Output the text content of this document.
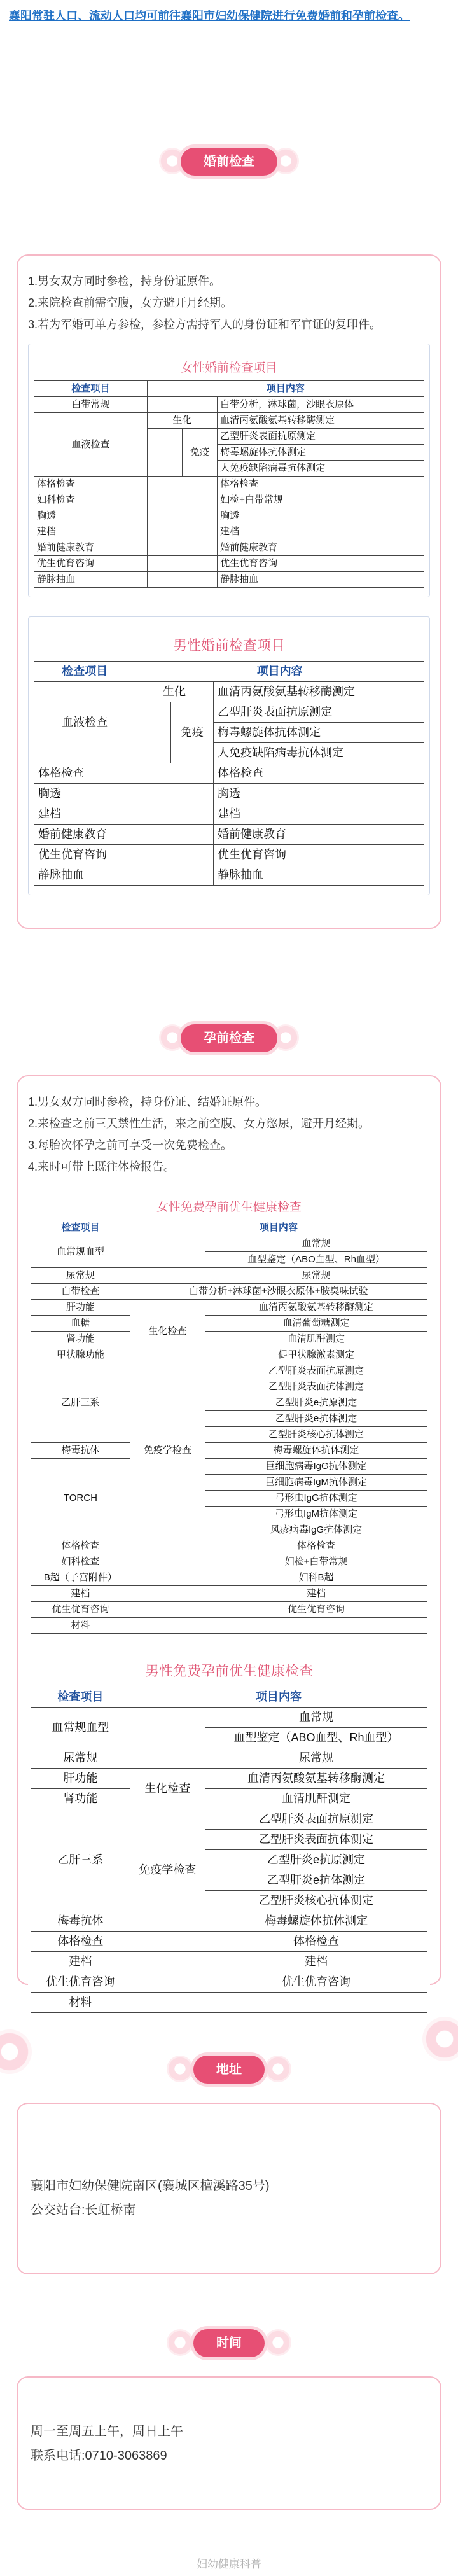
襄阳常驻人口、流动人口均可前往襄阳市妇幼保健院进行免费婚前和孕前检查。
婚前检查

1.男女双方同时参检，持身份证原件。

2.来院检查前需空腹，女方避开月经期。

3.若为军婚可单方参检，参检方需持军人的身份证和军官证的复印件。

女性婚前检查项目
检查项目	项目内容		
白带常规			白带分析，淋球菌，沙眼衣原体
血液检查	生化		血清丙氨酸氨基转移酶测定
		免疫	乙型肝炎表面抗原测定
			梅毒螺旋体抗体测定
			人免疫缺陷病毒抗体测定
体格检查			体格检查
妇科检查			妇检+白带常规
胸透			胸透
建档			建档
婚前健康教育			婚前健康教育
优生优育咨询			优生优育咨询
静脉抽血			静脉抽血
男性婚前检查项目
检查项目	项目内容		
血液检查	生化		血清丙氨酸氨基转移酶测定
		免疫	乙型肝炎表面抗原测定
			梅毒螺旋体抗体测定
			人免疫缺陷病毒抗体测定
体格检查			体格检查
胸透			胸透
建档			建档
婚前健康教育			婚前健康教育
优生优育咨询			优生优育咨询
静脉抽血			静脉抽血
孕前检查

1.男女双方同时参检，持身份证、结婚证原件。

2.来检查之前三天禁性生活，来之前空腹、女方憋尿，避开月经期。

3.每胎次怀孕之前可享受一次免费检查。

4.来时可带上既往体检报告。

女性免费孕前优生健康检查
检查项目	项目内容	
血常规血型		血常规
		血型鉴定（ABO血型、Rh血型）
尿常规		尿常规
白带检查	白带分析+淋球菌+沙眼衣原体+胺臭味试验	
肝功能	生化检查	血清丙氨酸氨基转移酶测定
血糖		血清葡萄糖测定
肾功能		血清肌酐测定
甲状腺功能		促甲状腺激素测定
乙肝三系	免疫学检查	乙型肝炎表面抗原测定
		乙型肝炎表面抗体测定
		乙型肝炎e抗原测定
		乙型肝炎e抗体测定
		乙型肝炎核心抗体测定
梅毒抗体		梅毒螺旋体抗体测定
TORCH		巨细胞病毒IgG抗体测定
		巨细胞病毒IgM抗体测定
		弓形虫IgG抗体测定
		弓形虫IgM抗体测定
		风疹病毒IgG抗体测定
体格检查		体格检查
妇科检查		妇检+白带常规
B超（子宫附件）		妇科B超
建档		建档
优生优育咨询		优生优育咨询
材料		
男性免费孕前优生健康检查
检查项目	项目内容	
血常规血型		血常规
		血型鉴定（ABO血型、Rh血型）
尿常规		尿常规
肝功能	生化检查	血清丙氨酸氨基转移酶测定
肾功能		血清肌酐测定
乙肝三系	免疫学检查	乙型肝炎表面抗原测定
		乙型肝炎表面抗体测定
		乙型肝炎e抗原测定
		乙型肝炎e抗体测定
		乙型肝炎核心抗体测定
梅毒抗体		梅毒螺旋体抗体测定
体格检查		体格检查
建档		建档
优生优育咨询		优生优育咨询
材料		
地址
襄阳市妇幼保健院南区(襄城区檀溪路35号)
公交站台:长虹桥南
时间
周一至周五上午，周日上午
联系电话:0710-3063869
妇幼健康科普
